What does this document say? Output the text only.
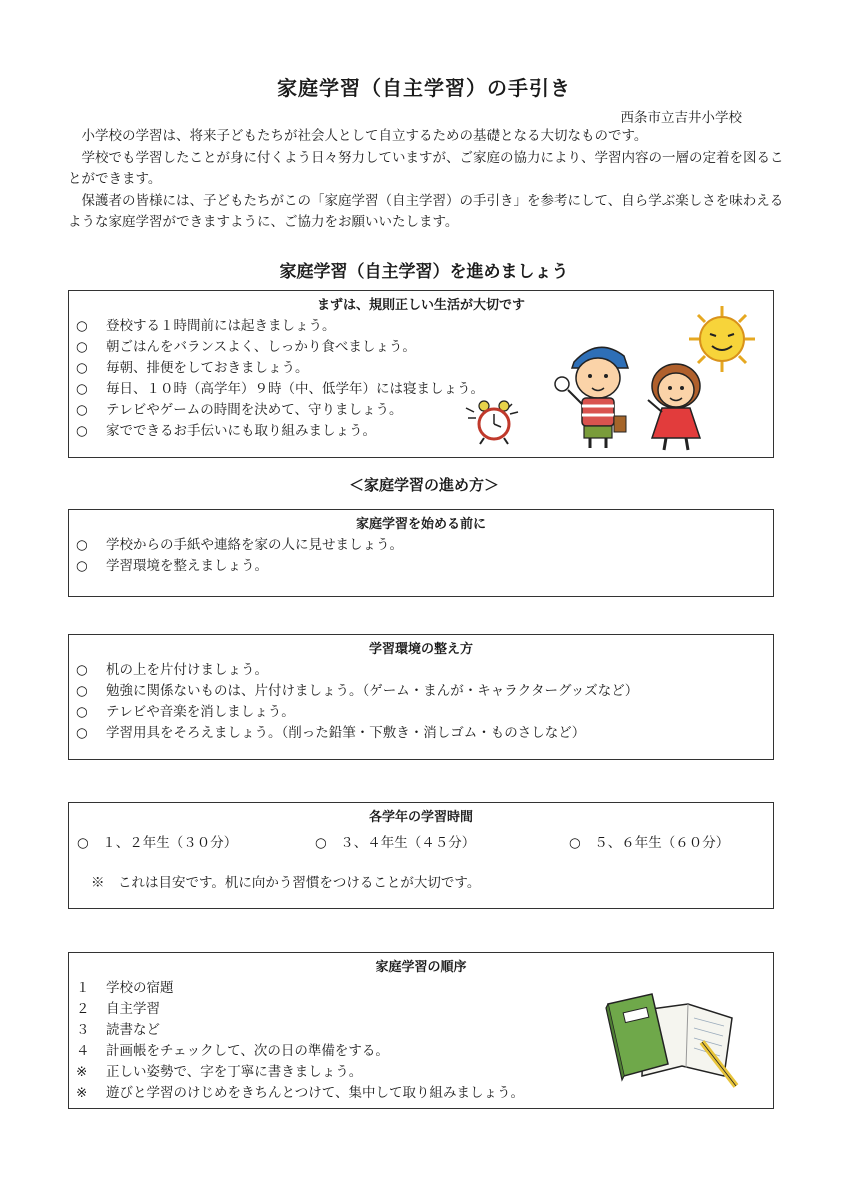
家庭学習（自主学習）の手引き
西条市立吉井小学校

小学校の学習は、将来子どもたちが社会人として自立するための基礎となる大切なものです。

学校でも学習したことが身に付くよう日々努力していますが、ご家庭の協力により、学習内容の一層の定着を図ることができます。

保護者の皆様には、子どもたちがこの「家庭学習（自主学習）の手引き」を参考にして、自ら学ぶ楽しさを味わえるような家庭学習ができますように、ご協力をお願いいたします。

家庭学習（自主学習）を進めましょう
まずは、規則正しい生活が大切です
○ 登校する１時間前には起きましょう。
○ 朝ごはんをバランスよく、しっかり食べましょう。
○ 毎朝、排便をしておきましょう。
○ 毎日、１０時（高学年）９時（中、低学年）には寝ましょう。
○ テレビやゲームの時間を決めて、守りましょう。
○ 家でできるお手伝いにも取り組みましょう。
＜家庭学習の進め方＞
家庭学習を始める前に
○ 学校からの手紙や連絡を家の人に見せましょう。
○ 学習環境を整えましょう。
学習環境の整え方
○ 机の上を片付けましょう。
○ 勉強に関係ないものは、片付けましょう。（ゲーム・まんが・キャラクターグッズなど）
○ テレビや音楽を消しましょう。
○ 学習用具をそろえましょう。（削った鉛筆・下敷き・消しゴム・ものさしなど）
各学年の学習時間
○　１、２年生（３０分）	○　３、４年生（４５分）	○　５、６年生（６０分）
※　これは目安です。机に向かう習慣をつけることが大切です。
家庭学習の順序
１ 学校の宿題
２ 自主学習
３ 読書など
４ 計画帳をチェックして、次の日の準備をする。
※ 正しい姿勢で、字を丁寧に書きましょう。
※ 遊びと学習のけじめをきちんとつけて、集中して取り組みましょう。
